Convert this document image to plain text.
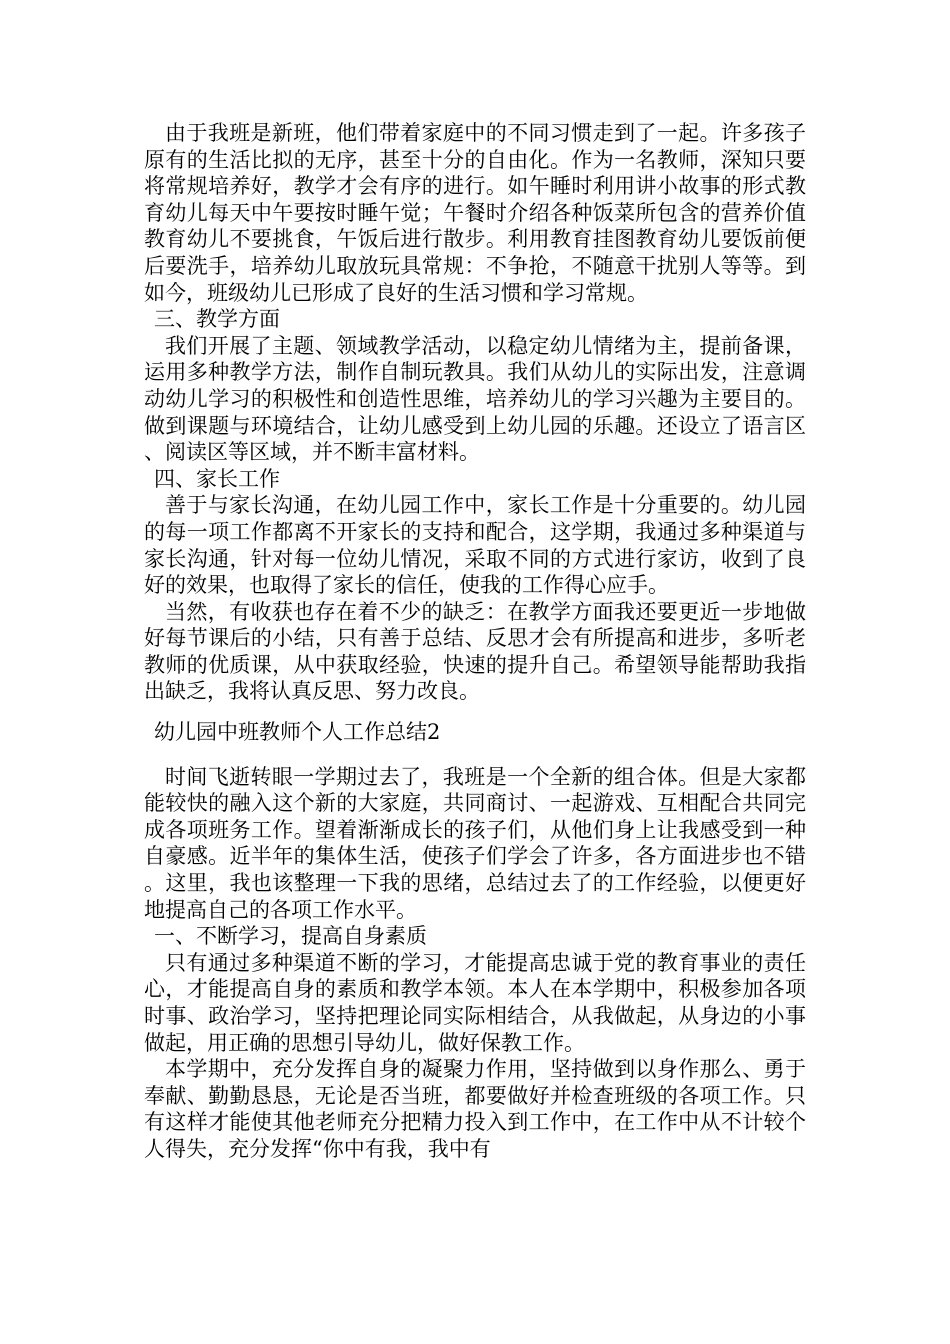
由于我班是新班，他们带着家庭中的不同习惯走到了一起。许多孩子原有的生活比拟的无序，甚至十分的自由化。作为一名教师，深知只要将常规培养好，教学才会有序的进行。如午睡时利用讲小故事的形式教育幼儿每天中午要按时睡午觉；午餐时介绍各种饭菜所包含的营养价值教育幼儿不要挑食，午饭后进行散步。利用教育挂图教育幼儿要饭前便后要洗手，培养幼儿取放玩具常规：不争抢，不随意干扰别人等等。到如今，班级幼儿已形成了良好的生活习惯和学习常规。

三、教学方面

我们开展了主题、领域教学活动，以稳定幼儿情绪为主，提前备课，运用多种教学方法，制作自制玩教具。我们从幼儿的实际出发，注意调动幼儿学习的积极性和创造性思维，培养幼儿的学习兴趣为主要目的。做到课题与环境结合，让幼儿感受到上幼儿园的乐趣。还设立了语言区、阅读区等区域，并不断丰富材料。

四、家长工作

善于与家长沟通，在幼儿园工作中，家长工作是十分重要的。幼儿园的每一项工作都离不开家长的支持和配合，这学期，我通过多种渠道与家长沟通，针对每一位幼儿情况，采取不同的方式进行家访，收到了良好的效果，也取得了家长的信任，使我的工作得心应手。

当然，有收获也存在着不少的缺乏：在教学方面我还要更近一步地做好每节课后的小结，只有善于总结、反思才会有所提高和进步，多听老教师的优质课，从中获取经验，快速的提升自己。希望领导能帮助我指出缺乏，我将认真反思、努力改良。

幼儿园中班教师个人工作总结2

时间飞逝转眼一学期过去了，我班是一个全新的组合体。但是大家都能较快的融入这个新的大家庭，共同商讨、一起游戏、互相配合共同完成各项班务工作。望着渐渐成长的孩子们，从他们身上让我感受到一种自豪感。近半年的集体生活，使孩子们学会了许多，各方面进步也不错。这里，我也该整理一下我的思绪，总结过去了的工作经验，以便更好地提高自己的各项工作水平。

一、不断学习，提高自身素质

只有通过多种渠道不断的学习，才能提高忠诚于党的教育事业的责任心，才能提高自身的素质和教学本领。本人在本学期中，积极参加各项时事、政治学习，坚持把理论同实际相结合，从我做起，从身边的小事做起，用正确的思想引导幼儿，做好保教工作。

本学期中，充分发挥自身的凝聚力作用，坚持做到以身作那么、勇于奉献、勤勤恳恳，无论是否当班，都要做好并检查班级的各项工作。只有这样才能使其他老师充分把精力投入到工作中，在工作中从不计较个人得失，充分发挥“你中有我，我中有
